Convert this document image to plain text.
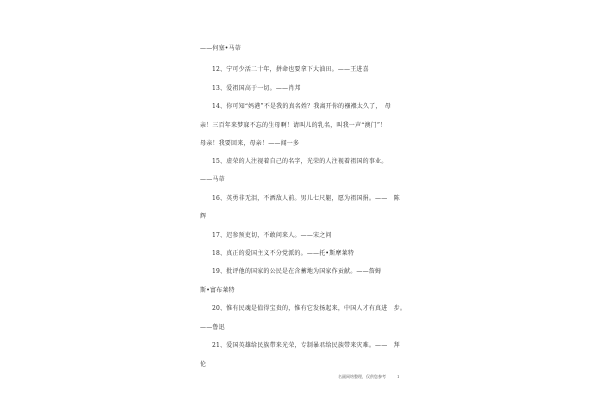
——何塞•马蒂
12、宁可少活二十年，拼命也要拿下大油田。——王进喜
13、爱祖国高于一切。——肖邦
14、你可知“妈港”不是我的真名姓？我离开你的襁褓太久了，　母
亲！三百年来梦寐不忘的生母啊！请叫儿的乳名，叫我一声“澳门”！
母亲！我要回来，母亲！——闻一多
15、虚荣的人注视着自己的名字，光荣的人注视着祖国的事业。
——马蒂
16、英勇非无泪，不洒敌人前。男儿七尺躯，愿为祖国捐。——　陈
辉
17、迟参预吏切，不敢问来人。——宋之问
18、真正的爱国主义不分党派的。——托•斯摩莱特
19、批评他的国家的公民是在含蓄地为国家作贡献。——詹姆
斯•富布莱特
20、惟有民魂是值得宝贵的，惟有它发扬起来，中国人才有真进　步。
——鲁迅
21、爱国英雄给民族带来光荣，专制暴君给民族带来灾难。——　拜
伦
名副网络整理，仅供您参考	1
